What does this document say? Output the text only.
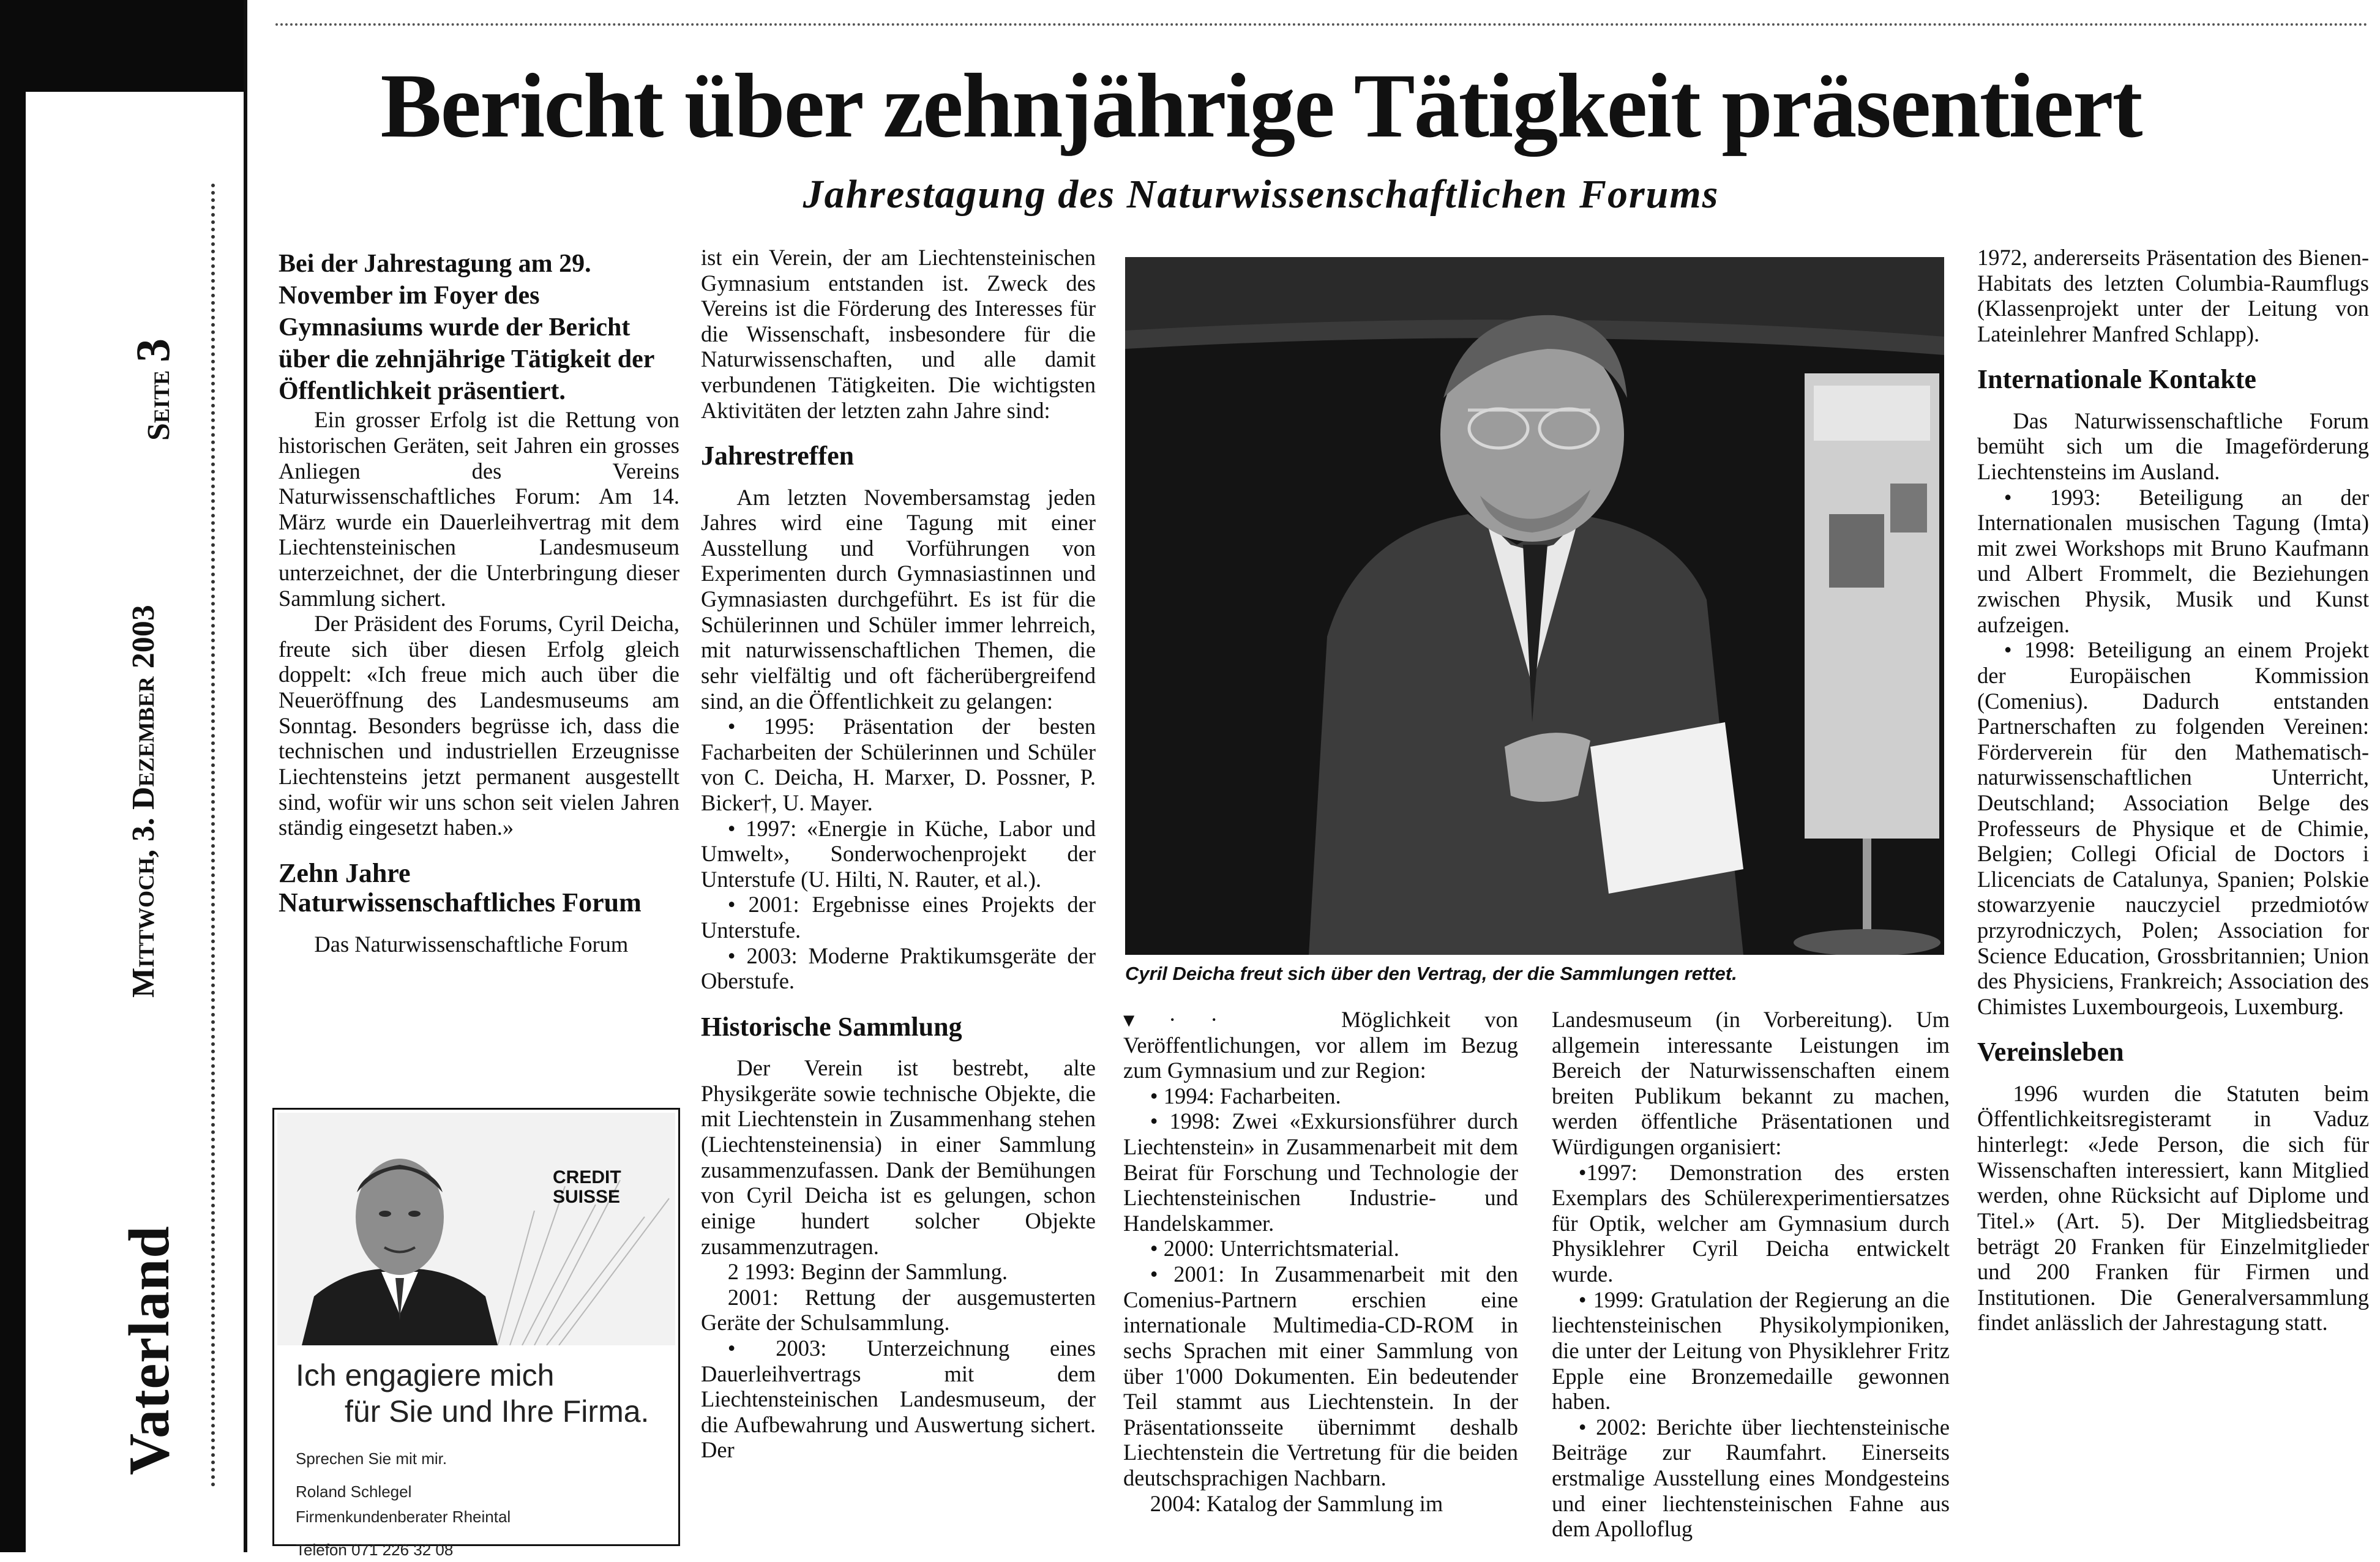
Vaterland
Mittwoch, 3. Dezember 2003
Seite 3
Bericht über zehnjährige Tätigkeit präsentiert
Jahrestagung des Naturwissenschaftlichen Forums

Bei der Jahrestagung am 29. November im Foyer des Gymnasiums wurde der Bericht über die zehnjährige Tätigkeit der Öffentlichkeit präsentiert.

Ein grosser Erfolg ist die Rettung von historischen Geräten, seit Jahren ein grosses Anliegen des Vereins Naturwissenschaftliches Forum: Am 14. März wurde ein Dauerleihvertrag mit dem Liechtensteinischen Landesmuseum unterzeichnet, der die Unterbringung dieser Sammlung sichert.

Der Präsident des Forums, Cyril Deicha, freute sich über diesen Erfolg gleich doppelt: «Ich freue mich auch über die Neueröffnung des Landesmuseums am Sonntag. Besonders begrüsse ich, dass die technischen und industriellen Erzeugnisse Liechtensteins jetzt permanent ausgestellt sind, wofür wir uns schon seit vielen Jahren ständig eingesetzt haben.»

Zehn Jahre Naturwissenschaftliches Forum

Das Naturwissenschaftliche Forum

CREDIT
SUISSE
Ich engagiere mich
für Sie und Ihre Firma.
Sprechen Sie mit mir.
Roland Schlegel
Firmenkundenberater Rheintal
Telefon 071 226 32 08

ist ein Verein, der am Liechtensteinischen Gymnasium entstanden ist. Zweck des Vereins ist die Förderung des Interesses für die Wissenschaft, insbesondere für die Naturwissenschaften, und alle damit verbundenen Tätigkeiten. Die wichtigsten Aktivitäten der letzten zahn Jahre sind:

Jahrestreffen

Am letzten Novembersamstag jeden Jahres wird eine Tagung mit einer Ausstellung und Vorführungen von Experimenten durch Gymnasiastinnen und Gymnasiasten durchgeführt. Es ist für die Schülerinnen und Schüler immer lehrreich, mit naturwissenschaftlichen Themen, die sehr vielfältig und oft fächerübergreifend sind, an die Öffentlichkeit zu gelangen:

• 1995: Präsentation der besten Facharbeiten der Schülerinnen und Schüler von C. Deicha, H. Marxer, D. Possner, P. Bicker†, U. Mayer.
• 1997: «Energie in Küche, Labor und Umwelt», Sonderwochenprojekt der Unterstufe (U. Hilti, N. Rauter, et al.).
• 2001: Ergebnisse eines Projekts der Unterstufe.
• 2003: Moderne Praktikumsgeräte der Oberstufe.
Historische Sammlung

Der Verein ist bestrebt, alte Physikgeräte sowie technische Objekte, die mit Liechtenstein in Zusammenhang stehen (Liechtensteinensia) in einer Sammlung zusammenzufassen. Dank der Bemühungen von Cyril Deicha ist es gelungen, schon einige hundert solcher Objekte zusammenzutragen.

2 1993: Beginn der Sammlung.
2001: Rettung der ausgemusterten Geräte der Schulsammlung.
• 2003: Unterzeichnung eines Dauerleihvertrags mit dem Liechtensteinischen Landesmuseum, der die Aufbewahrung und Auswertung sichert. Der
Cyril Deicha freut sich über den Vertrag, der die Sammlungen rettet.

▾ · ·    	Möglichkeit von Veröffentlichungen, vor allem im Bezug zum Gymnasium und zur Region:

• 1994: Facharbeiten.
• 1998: Zwei «Exkursionsführer durch Liechtenstein» in Zusammenarbeit mit dem Beirat für Forschung und Technologie der Liechtensteinischen Industrie- und Handelskammer.
• 2000: Unterrichtsmaterial.
• 2001: In Zusammenarbeit mit den Comenius-Partnern erschien eine internationale Multimedia-CD-ROM in sechs Sprachen mit einer Sammlung von über 1'000 Dokumenten. Ein bedeutender Teil stammt aus Liechtenstein. In der Präsentationsseite übernimmt deshalb Liechtenstein die Vertretung für die beiden deutschsprachigen Nachbarn.
2004: Katalog der Sammlung im

Landesmuseum (in Vorbereitung). Um allgemein interessante Leistungen im Bereich der Naturwissenschaften einem breiten Publikum bekannt zu machen, werden öffentliche Präsentationen und Würdigungen organisiert:

•1997: Demonstration des ersten Exemplars des Schülerexperimentiersatzes für Optik, welcher am Gymnasium durch Physiklehrer Cyril Deicha entwickelt wurde.
• 1999: Gratulation der Regierung an die liechtensteinischen Physikolympioniken, die unter der Leitung von Physiklehrer Fritz Epple eine Bronzemedaille gewonnen haben.
• 2002: Berichte über liechtensteinische Beiträge zur Raumfahrt. Einerseits erstmalige Ausstellung eines Mondgesteins und einer liechtensteinischen Fahne aus dem Apolloflug

1972, andererseits Präsentation des Bienen-Habitats des letzten Columbia-Raumflugs (Klassenprojekt unter der Leitung von Lateinlehrer Manfred Schlapp).

Internationale Kontakte

Das Naturwissenschaftliche Forum bemüht sich um die Imageförderung Liechtensteins im Ausland.

• 1993: Beteiligung an der Internationalen musischen Tagung (Imta) mit zwei Workshops mit Bruno Kaufmann und Albert Frommelt, die Beziehungen zwischen Physik, Musik und Kunst aufzeigen.
• 1998: Beteiligung an einem Projekt der Europäischen Kommission (Comenius). Dadurch entstanden Partnerschaften zu folgenden Vereinen: Förderverein für den Mathematisch-naturwissenschaftlichen Unterricht, Deutschland; Association Belge des Professeurs de Physique et de Chimie, Belgien; Collegi Oficial de Doctors i Llicenciats de Catalunya, Spanien; Polskie stowarzyenie nauczyciel przedmiotów przyrodniczych, Polen; Association for Science Education, Grossbritannien; Union des Physiciens, Frankreich; Association des Chimistes Luxembourgeois, Luxemburg.
Vereinsleben

1996 wurden die Statuten beim Öffentlichkeitsregisteramt in Vaduz hinterlegt: «Jede Person, die sich für Wissenschaften interessiert, kann Mitglied werden, ohne Rücksicht auf Diplome und Titel.» (Art. 5). Der Mitgliedsbeitrag beträgt 20 Franken für Einzelmitglieder und 200 Franken für Firmen und Institutionen. Die Generalversammlung findet anlässlich der Jahrestagung statt.
